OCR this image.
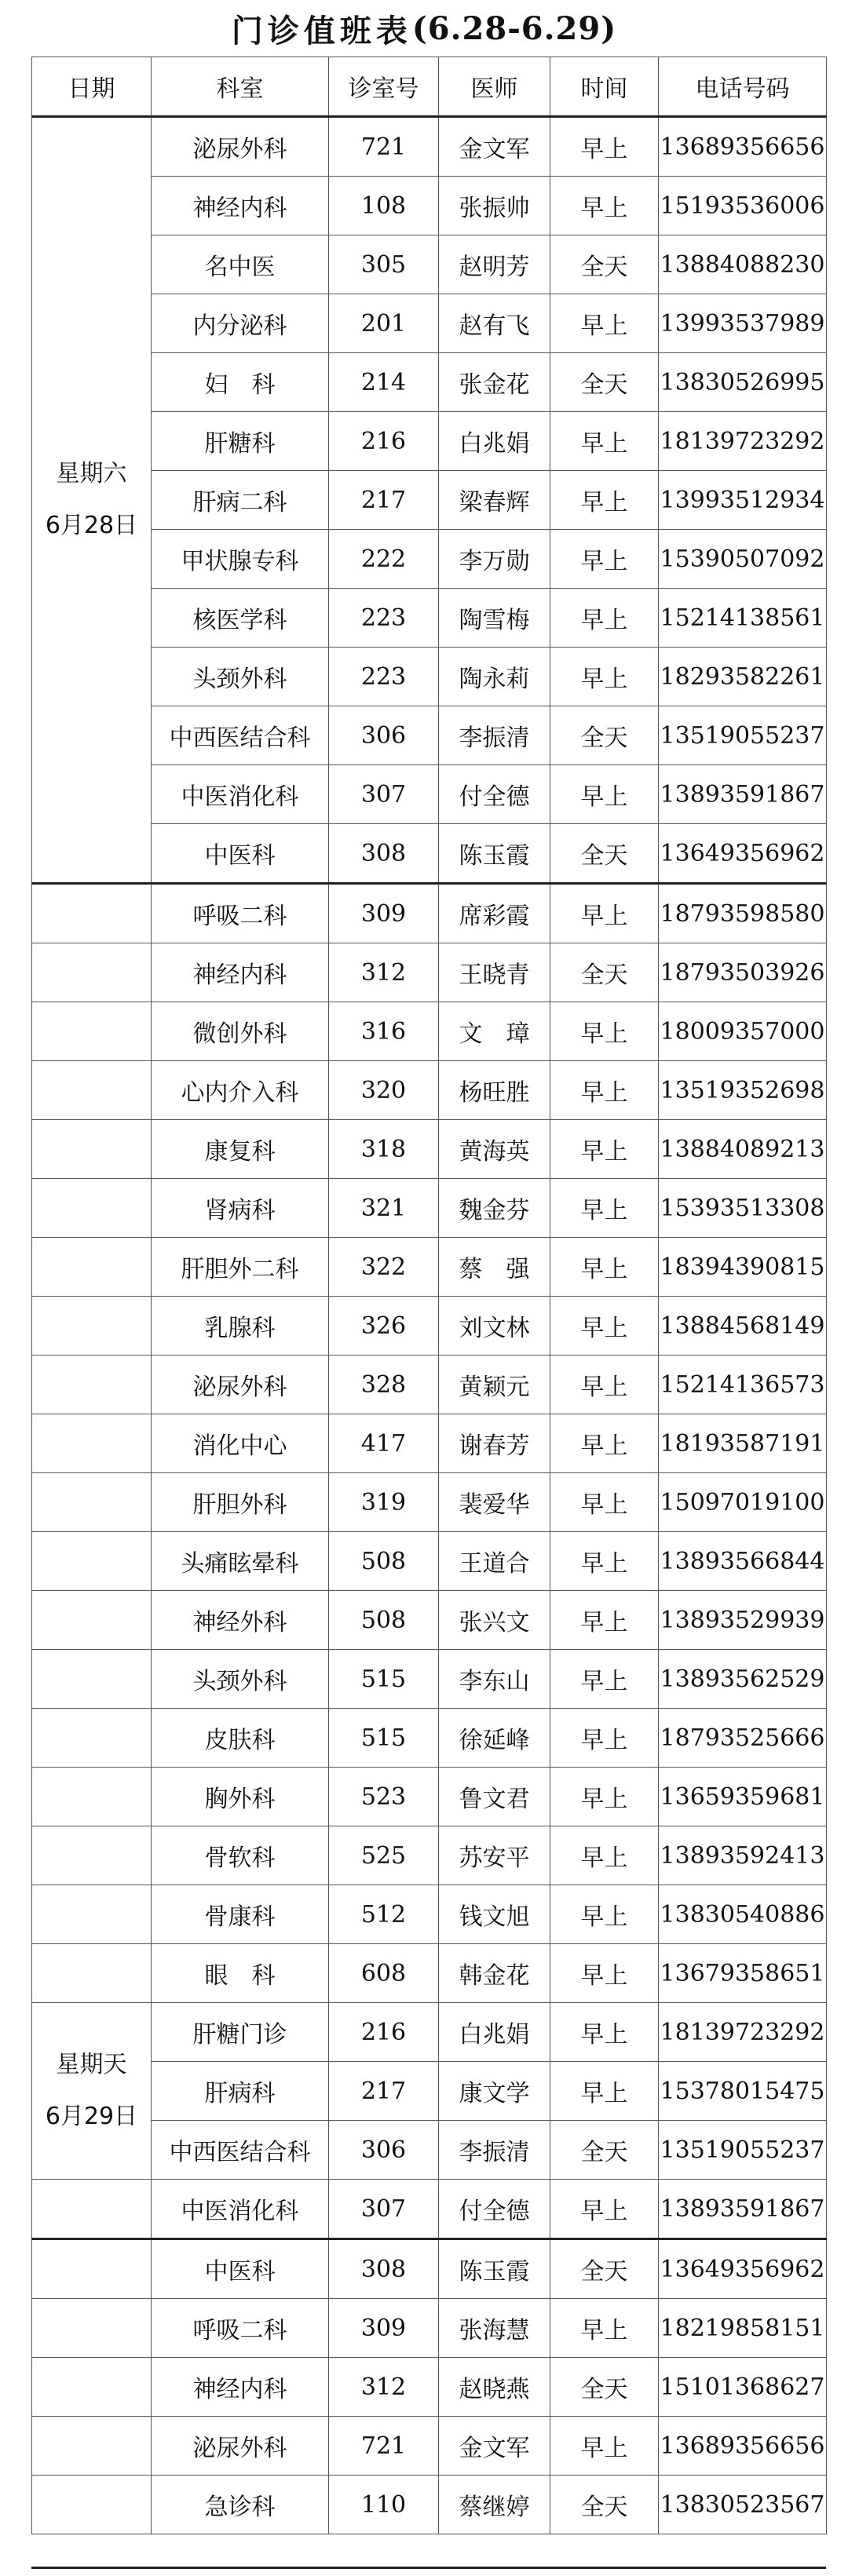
门诊值班表 (6.28-6.29)
日期	科室	诊室号	医师	时间	电话号码

星期六
6月28日	泌尿外科	721	金文军	早上	13689356656
	神经内科	108	张振帅	早上	15193536006
	名中医	305	赵明芳	全天	13884088230
	内分泌科	201	赵有飞	早上	13993537989
	妇　科	214	张金花	全天	13830526995
	肝糖科	216	白兆娟	早上	18139723292
	肝病二科	217	梁春辉	早上	13993512934
	甲状腺专科	222	李万勋	早上	15390507092
	核医学科	223	陶雪梅	早上	15214138561
	头颈外科	223	陶永莉	早上	18293582261
	中西医结合科	306	李振清	全天	13519055237
	中医消化科	307	付全德	早上	13893591867
	中医科	308	陈玉霞	全天	13649356962
	呼吸二科	309	席彩霞	早上	18793598580
	神经内科	312	王晓青	全天	18793503926
	微创外科	316	文　璋	早上	18009357000
	心内介入科	320	杨旺胜	早上	13519352698
	康复科	318	黄海英	早上	13884089213
	肾病科	321	魏金芬	早上	15393513308
	肝胆外二科	322	蔡　强	早上	18394390815
	乳腺科	326	刘文林	早上	13884568149
	泌尿外科	328	黄颖元	早上	15214136573
	消化中心	417	谢春芳	早上	18193587191
	肝胆外科	319	裴爱华	早上	15097019100
	头痛眩晕科	508	王道合	早上	13893566844
	神经外科	508	张兴文	早上	13893529939
	头颈外科	515	李东山	早上	13893562529
	皮肤科	515	徐延峰	早上	18793525666
	胸外科	523	鲁文君	早上	13659359681
	骨软科	525	苏安平	早上	13893592413
	骨康科	512	钱文旭	早上	13830540886
	眼　科	608	韩金花	早上	13679358651

星期天
6月29日	肝糖门诊	216	白兆娟	早上	18139723292
	肝病科	217	康文学	早上	15378015475
	中西医结合科	306	李振清	全天	13519055237
	中医消化科	307	付全德	早上	13893591867
	中医科	308	陈玉霞	全天	13649356962
	呼吸二科	309	张海慧	早上	18219858151
	神经内科	312	赵晓燕	全天	15101368627
	泌尿外科	721	金文军	早上	13689356656
	急诊科	110	蔡继婷	全天	13830523567
